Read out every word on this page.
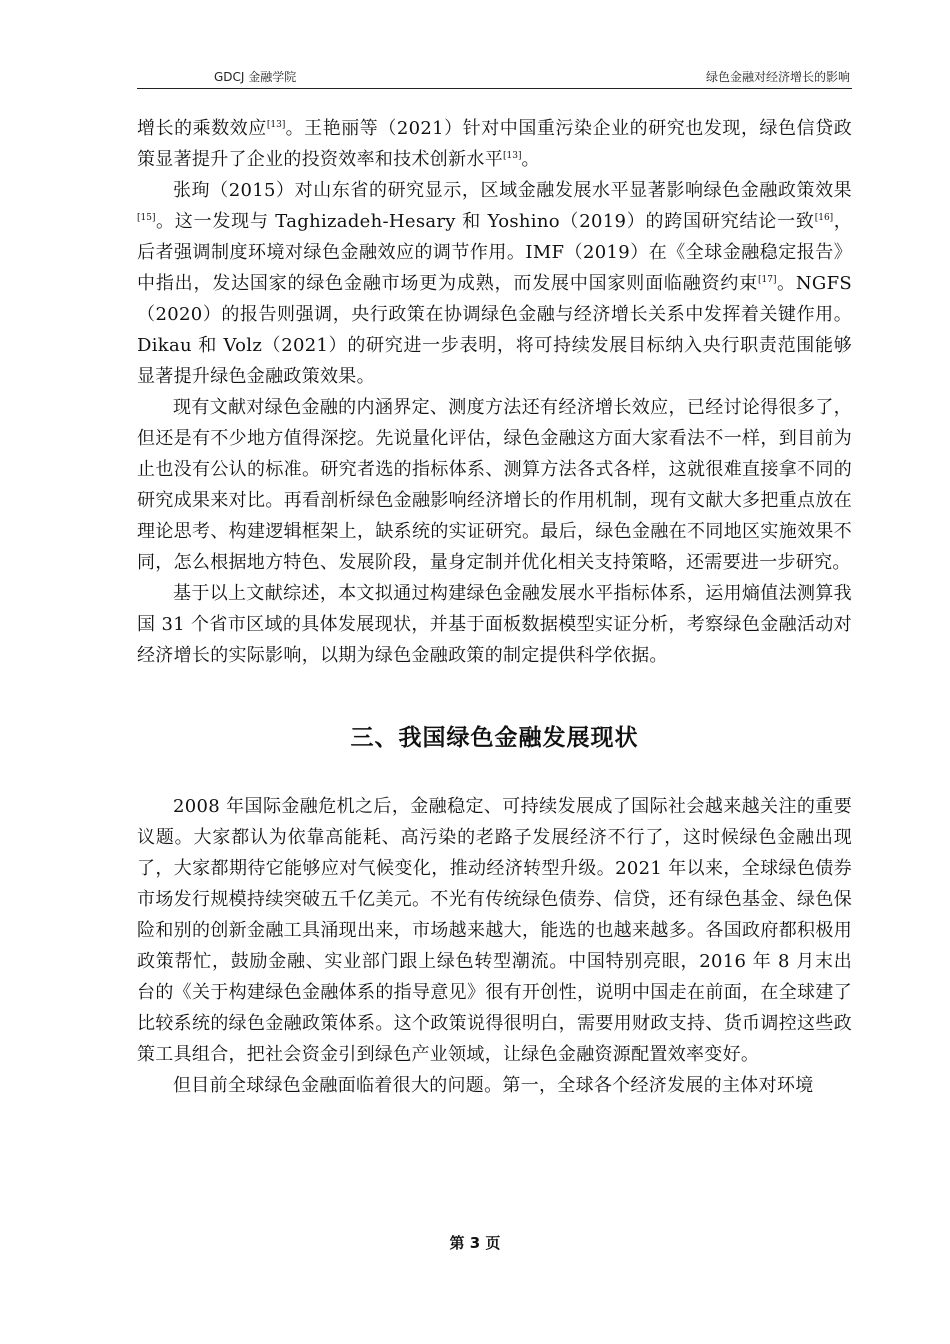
GDCJ 金融学院	绿色金融对经济增长的影响

增长的乘数效应[13]。王艳丽等（2021）针对中国重污染企业的研究也发现，绿色信贷政策显著提升了企业的投资效率和技术创新水平[13]。

张珣（2015）对山东省的研究显示，区域金融发展水平显著影响绿色金融政策效果[15]。这一发现与 Taghizadeh-Hesary 和 Yoshino（2019）的跨国研究结论一致[16]，后者强调制度环境对绿色金融效应的调节作用。IMF（2019）在《全球金融稳定报告》中指出，发达国家的绿色金融市场更为成熟，而发展中国家则面临融资约束[17]。NGFS（2020）的报告则强调，央行政策在协调绿色金融与经济增长关系中发挥着关键作用。Dikau 和 Volz（2021）的研究进一步表明，将可持续发展目标纳入央行职责范围能够显著提升绿色金融政策效果。

现有文献对绿色金融的内涵界定、测度方法还有经济增长效应，已经讨论得很多了，但还是有不少地方值得深挖。先说量化评估，绿色金融这方面大家看法不一样，到目前为止也没有公认的标准。研究者选的指标体系、测算方法各式各样，这就很难直接拿不同的研究成果来对比。再看剖析绿色金融影响经济增长的作用机制，现有文献大多把重点放在理论思考、构建逻辑框架上，缺系统的实证研究。最后，绿色金融在不同地区实施效果不同，怎么根据地方特色、发展阶段，量身定制并优化相关支持策略，还需要进一步研究。

基于以上文献综述，本文拟通过构建绿色金融发展水平指标体系，运用熵值法测算我国 31 个省市区域的具体发展现状，并基于面板数据模型实证分析，考察绿色金融活动对经济增长的实际影响，以期为绿色金融政策的制定提供科学依据。

三、我国绿色金融发展现状

2008 年国际金融危机之后，金融稳定、可持续发展成了国际社会越来越关注的重要议题。大家都认为依靠高能耗、高污染的老路子发展经济不行了，这时候绿色金融出现了，大家都期待它能够应对气候变化，推动经济转型升级。2021 年以来，全球绿色债券市场发行规模持续突破五千亿美元。不光有传统绿色债券、信贷，还有绿色基金、绿色保险和别的创新金融工具涌现出来，市场越来越大，能选的也越来越多。各国政府都积极用政策帮忙，鼓励金融、实业部门跟上绿色转型潮流。中国特别亮眼，2016 年 8 月末出台的《关于构建绿色金融体系的指导意见》很有开创性，说明中国走在前面，在全球建了比较系统的绿色金融政策体系。这个政策说得很明白，需要用财政支持、货币调控这些政策工具组合，把社会资金引到绿色产业领域，让绿色金融资源配置效率变好。

但目前全球绿色金融面临着很大的问题。第一，全球各个经济发展的主体对环境

第 3 页
